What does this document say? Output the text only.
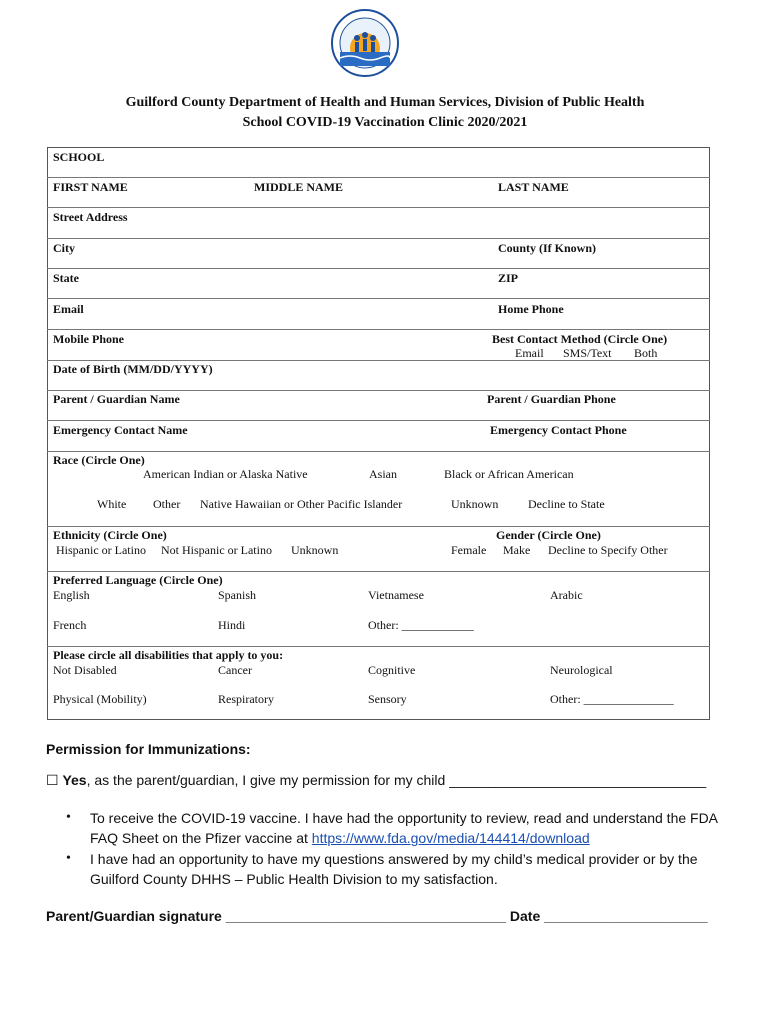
Guilford County Department of Health and Human Services, Division of Public Health
School COVID-19 Vaccination Clinic 2020/2021
SCHOOL
FIRST NAME	MIDDLE NAME	LAST NAME
Street Address
City	County (If Known)
State	ZIP
Email	Home Phone
Mobile Phone	Best Contact Method (Circle One)
Email SMS/Text Both
Date of Birth (MM/DD/YYYY)
Parent / Guardian Name	Parent / Guardian Phone
Emergency Contact Name	Emergency Contact Phone
Race (Circle One)
American Indian or Alaska Native	Asian	Black or African American
White Other Native Hawaiian or Other Pacific Islander	Unknown Decline to State
Ethnicity (Circle One)
Hispanic or Latino Not Hispanic or Latino Unknown
Gender (Circle One)
Female Make Decline to Specify Other
Preferred Language (Circle One)
English	Spanish	Vietnamese	Arabic
French	Hindi	Other: ____________
Please circle all disabilities that apply to you:
Not Disabled	Cancer	Cognitive	Neurological
Physical (Mobility)	Respiratory	Sensory	Other: _______________
Permission for Immunizations:
☐ Yes, as the parent/guardian, I give my permission for my child _________________________________
• To receive the COVID-19 vaccine. I have had the opportunity to review, read and understand the FDA
FAQ Sheet on the Pfizer vaccine at https://www.fda.gov/media/144414/download
• I have had an opportunity to have my questions answered by my child’s medical provider or by the
Guilford County DHHS – Public Health Division to my satisfaction.
Parent/Guardian signature ____________________________________ Date _____________________
